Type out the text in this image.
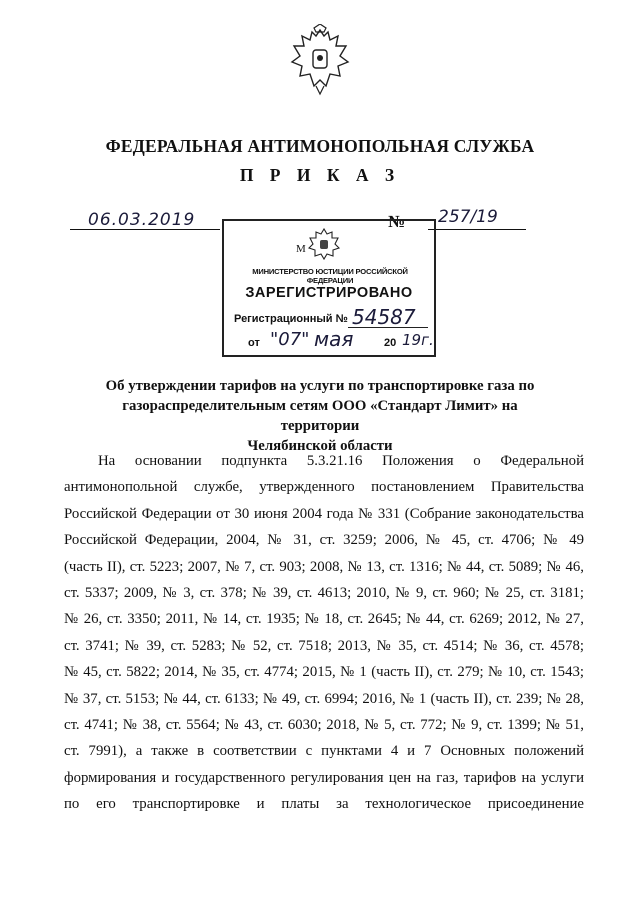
ФЕДЕРАЛЬНАЯ АНТИМОНОПОЛЬНАЯ СЛУЖБА
П Р И К А З
06.03.2019	№ 257/19
М
МИНИСТЕРСТВО ЮСТИЦИИ РОССИЙСКОЙ ФЕДЕРАЦИИ
ЗАРЕГИСТРИРОВАНО
Регистрационный № 54587
от "07" мая	20 19г.
Об утверждении тарифов на услуги по транспортировке газа по
газораспределительным сетям ООО «Стандарт Лимит» на территории
Челябинской области
На основании подпункта 5.3.21.16 Положения о Федеральной
антимонопольной службе, утвержденного постановлением Правительства
Российской Федерации от 30 июня 2004 года № 331 (Собрание законодательства
Российской Федерации, 2004, № 31, ст. 3259; 2006, № 45, ст. 4706; № 49
(часть II), ст. 5223; 2007, № 7, ст. 903; 2008, № 13, ст. 1316; № 44, ст. 5089; № 46,
ст. 5337; 2009, № 3, ст. 378; № 39, ст. 4613; 2010, № 9, ст. 960; № 25, ст. 3181;
№ 26, ст. 3350; 2011, № 14, ст. 1935; № 18, ст. 2645; № 44, ст. 6269; 2012, № 27,
ст. 3741; № 39, ст. 5283; № 52, ст. 7518; 2013, № 35, ст. 4514; № 36, ст. 4578;
№ 45, ст. 5822; 2014, № 35, ст. 4774; 2015, № 1 (часть II), ст. 279; № 10, ст. 1543;
№ 37, ст. 5153; № 44, ст. 6133; № 49, ст. 6994; 2016, № 1 (часть II), ст. 239; № 28,
ст. 4741; № 38, ст. 5564; № 43, ст. 6030; 2018, № 5, ст. 772; № 9, ст. 1399; № 51,
ст. 7991), а также в соответствии с пунктами 4 и 7 Основных положений
формирования и государственного регулирования цен на газ, тарифов на услуги
по его транспортировке и платы за технологическое присоединение
